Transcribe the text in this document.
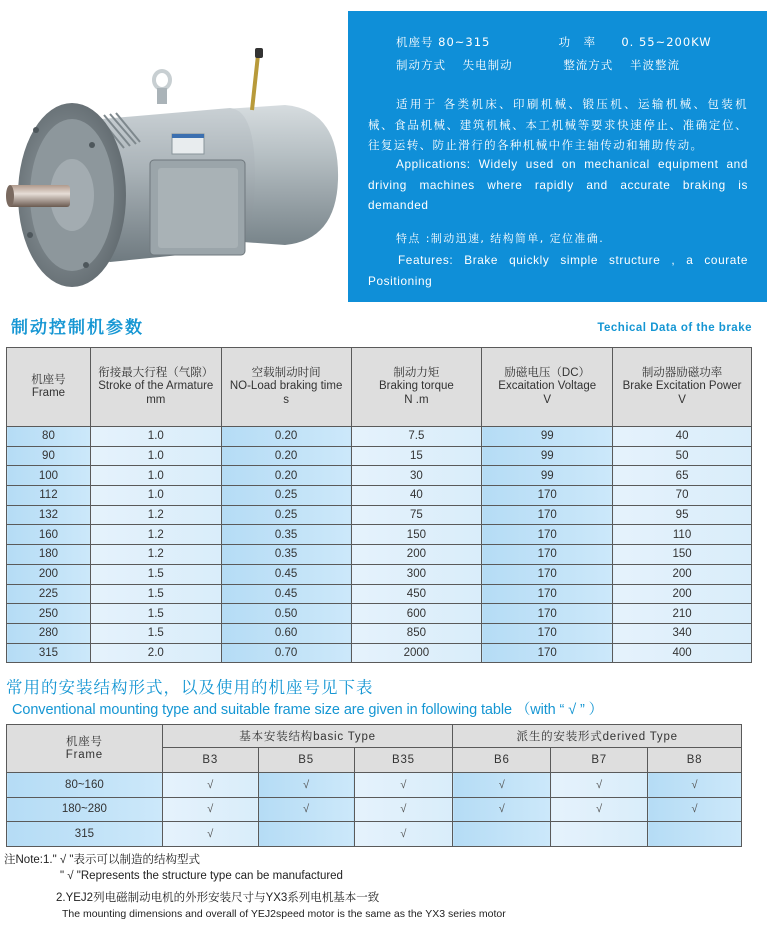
机座号 80~315	功　率 0. 55~200KW
制动方式 失电制动	整流方式 半波整流
适用于 各类机床、印刷机械、锻压机、运输机械、包装机械、食品机械、建筑机械、本工机械等要求快速停止、准确定位、往复运转、防止滑行的各种机械中作主轴传动和辅助传动。
Applications: Widely used on mechanical equipment and driving machines where rapidly and accurate braking is demanded
特点 :制动迅速, 结构简单, 定位准确.
Features: Brake quickly simple structure , a courate Positioning
制动控制机参数	Techical Data of the brake
机座号
Frame

衔接最大行程（气隙）
Stroke of the Armature
mm

空载制动时间
NO-Load braking time
s

制动力矩
Braking torque
N .m

励磁电压（DC）
Excaitation Voltage
V

制动器励磁功率
Brake Excitation Power
V

80	1.0	0.20	7.5	99	40
90	1.0	0.20	15	99	50
100	1.0	0.20	30	99	65
112	1.0	0.25	40	170	70
132	1.2	0.25	75	170	95
160	1.2	0.35	150	170	110
180	1.2	0.35	200	170	150
200	1.5	0.45	300	170	200
225	1.5	0.45	450	170	200
250	1.5	0.50	600	170	210
280	1.5	0.60	850	170	340
315	2.0	0.70	2000	170	400
常用的安装结构形式，以及使用的机座号见下表
Conventional mounting type and suitable frame size are given in following table （with “ √ ” ）
机座号
Frame	基本安装结构basic Type			派生的安装形式derived Type		
	B3	B5	B35	B6	B7	B8
80~160	√	√	√	√	√	√
180~280	√	√	√	√	√	√
315	√		√			
注Note:1." √ "表示可以制造的结构型式
" √ "Represents the structure type can be manufactured
2.YEJ2列电磁制动电机的外形安装尺寸与YX3系列电机基本一致
The mounting dimensions and overall of YEJ2speed motor is the same as the YX3 series motor
